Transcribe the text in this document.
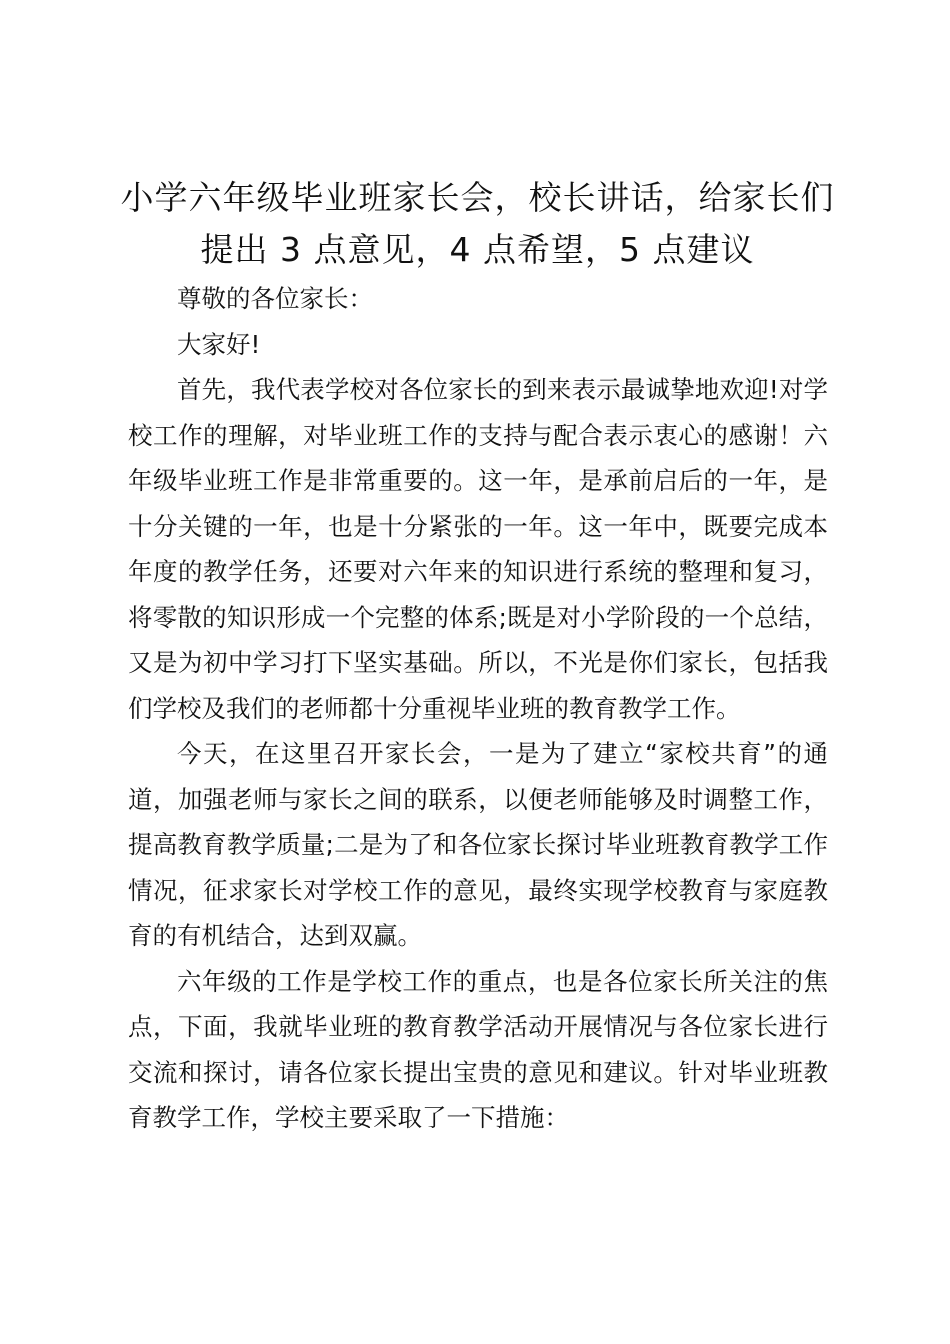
小学六年级毕业班家长会，校长讲话，给家长们提出 3 点意见，4 点希望，5 点建议

尊敬的各位家长：

大家好!

首先，我代表学校对各位家长的到来表示最诚挚地欢迎!对学校工作的理解，对毕业班工作的支持与配合表示衷心的感谢！六年级毕业班工作是非常重要的。这一年，是承前启后的一年，是十分关键的一年，也是十分紧张的一年。这一年中，既要完成本年度的教学任务，还要对六年来的知识进行系统的整理和复习，将零散的知识形成一个完整的体系;既是对小学阶段的一个总结，又是为初中学习打下坚实基础。所以，不光是你们家长，包括我们学校及我们的老师都十分重视毕业班的教育教学工作。

今天，在这里召开家长会，一是为了建立“家校共育”的通道，加强老师与家长之间的联系，以便老师能够及时调整工作，提高教育教学质量;二是为了和各位家长探讨毕业班教育教学工作情况，征求家长对学校工作的意见，最终实现学校教育与家庭教育的有机结合，达到双赢。

六年级的工作是学校工作的重点，也是各位家长所关注的焦点，下面，我就毕业班的教育教学活动开展情况与各位家长进行交流和探讨，请各位家长提出宝贵的意见和建议。针对毕业班教育教学工作，学校主要采取了一下措施：
